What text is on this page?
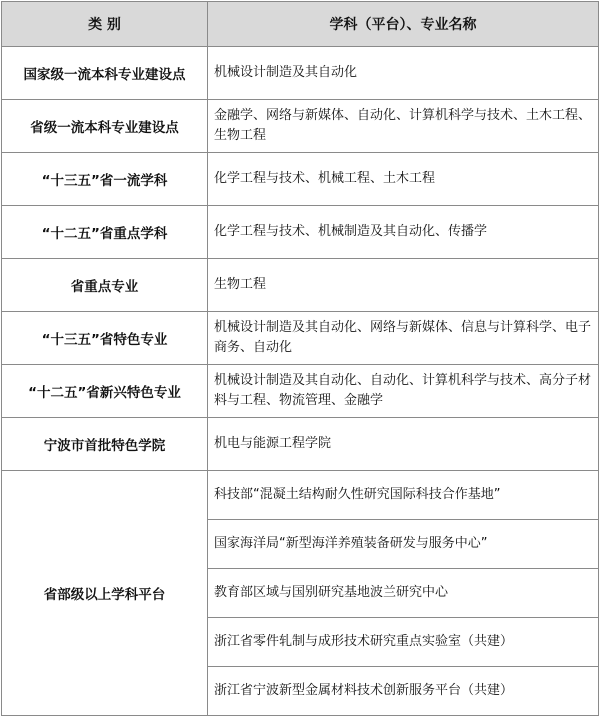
类 别	学科（平台）、专业名称
国家级一流本科专业建设点	机械设计制造及其自动化
省级一流本科专业建设点	金融学、网络与新媒体、自动化、计算机科学与技术、土木工程、生物工程
“十三五”省一流学科	化学工程与技术、机械工程、土木工程
“十二五”省重点学科	化学工程与技术、机械制造及其自动化、传播学
省重点专业	生物工程
“十三五”省特色专业	机械设计制造及其自动化、网络与新媒体、信息与计算科学、电子商务、自动化
“十二五”省新兴特色专业	机械设计制造及其自动化、自动化、计算机科学与技术、高分子材料与工程、物流管理、金融学
宁波市首批特色学院	机电与能源工程学院
省部级以上学科平台	科技部“混凝土结构耐久性研究国际科技合作基地”
	国家海洋局“新型海洋养殖装备研发与服务中心”
	教育部区域与国别研究基地波兰研究中心
	浙江省零件轧制与成形技术研究重点实验室（共建）
	浙江省宁波新型金属材料技术创新服务平台（共建）
